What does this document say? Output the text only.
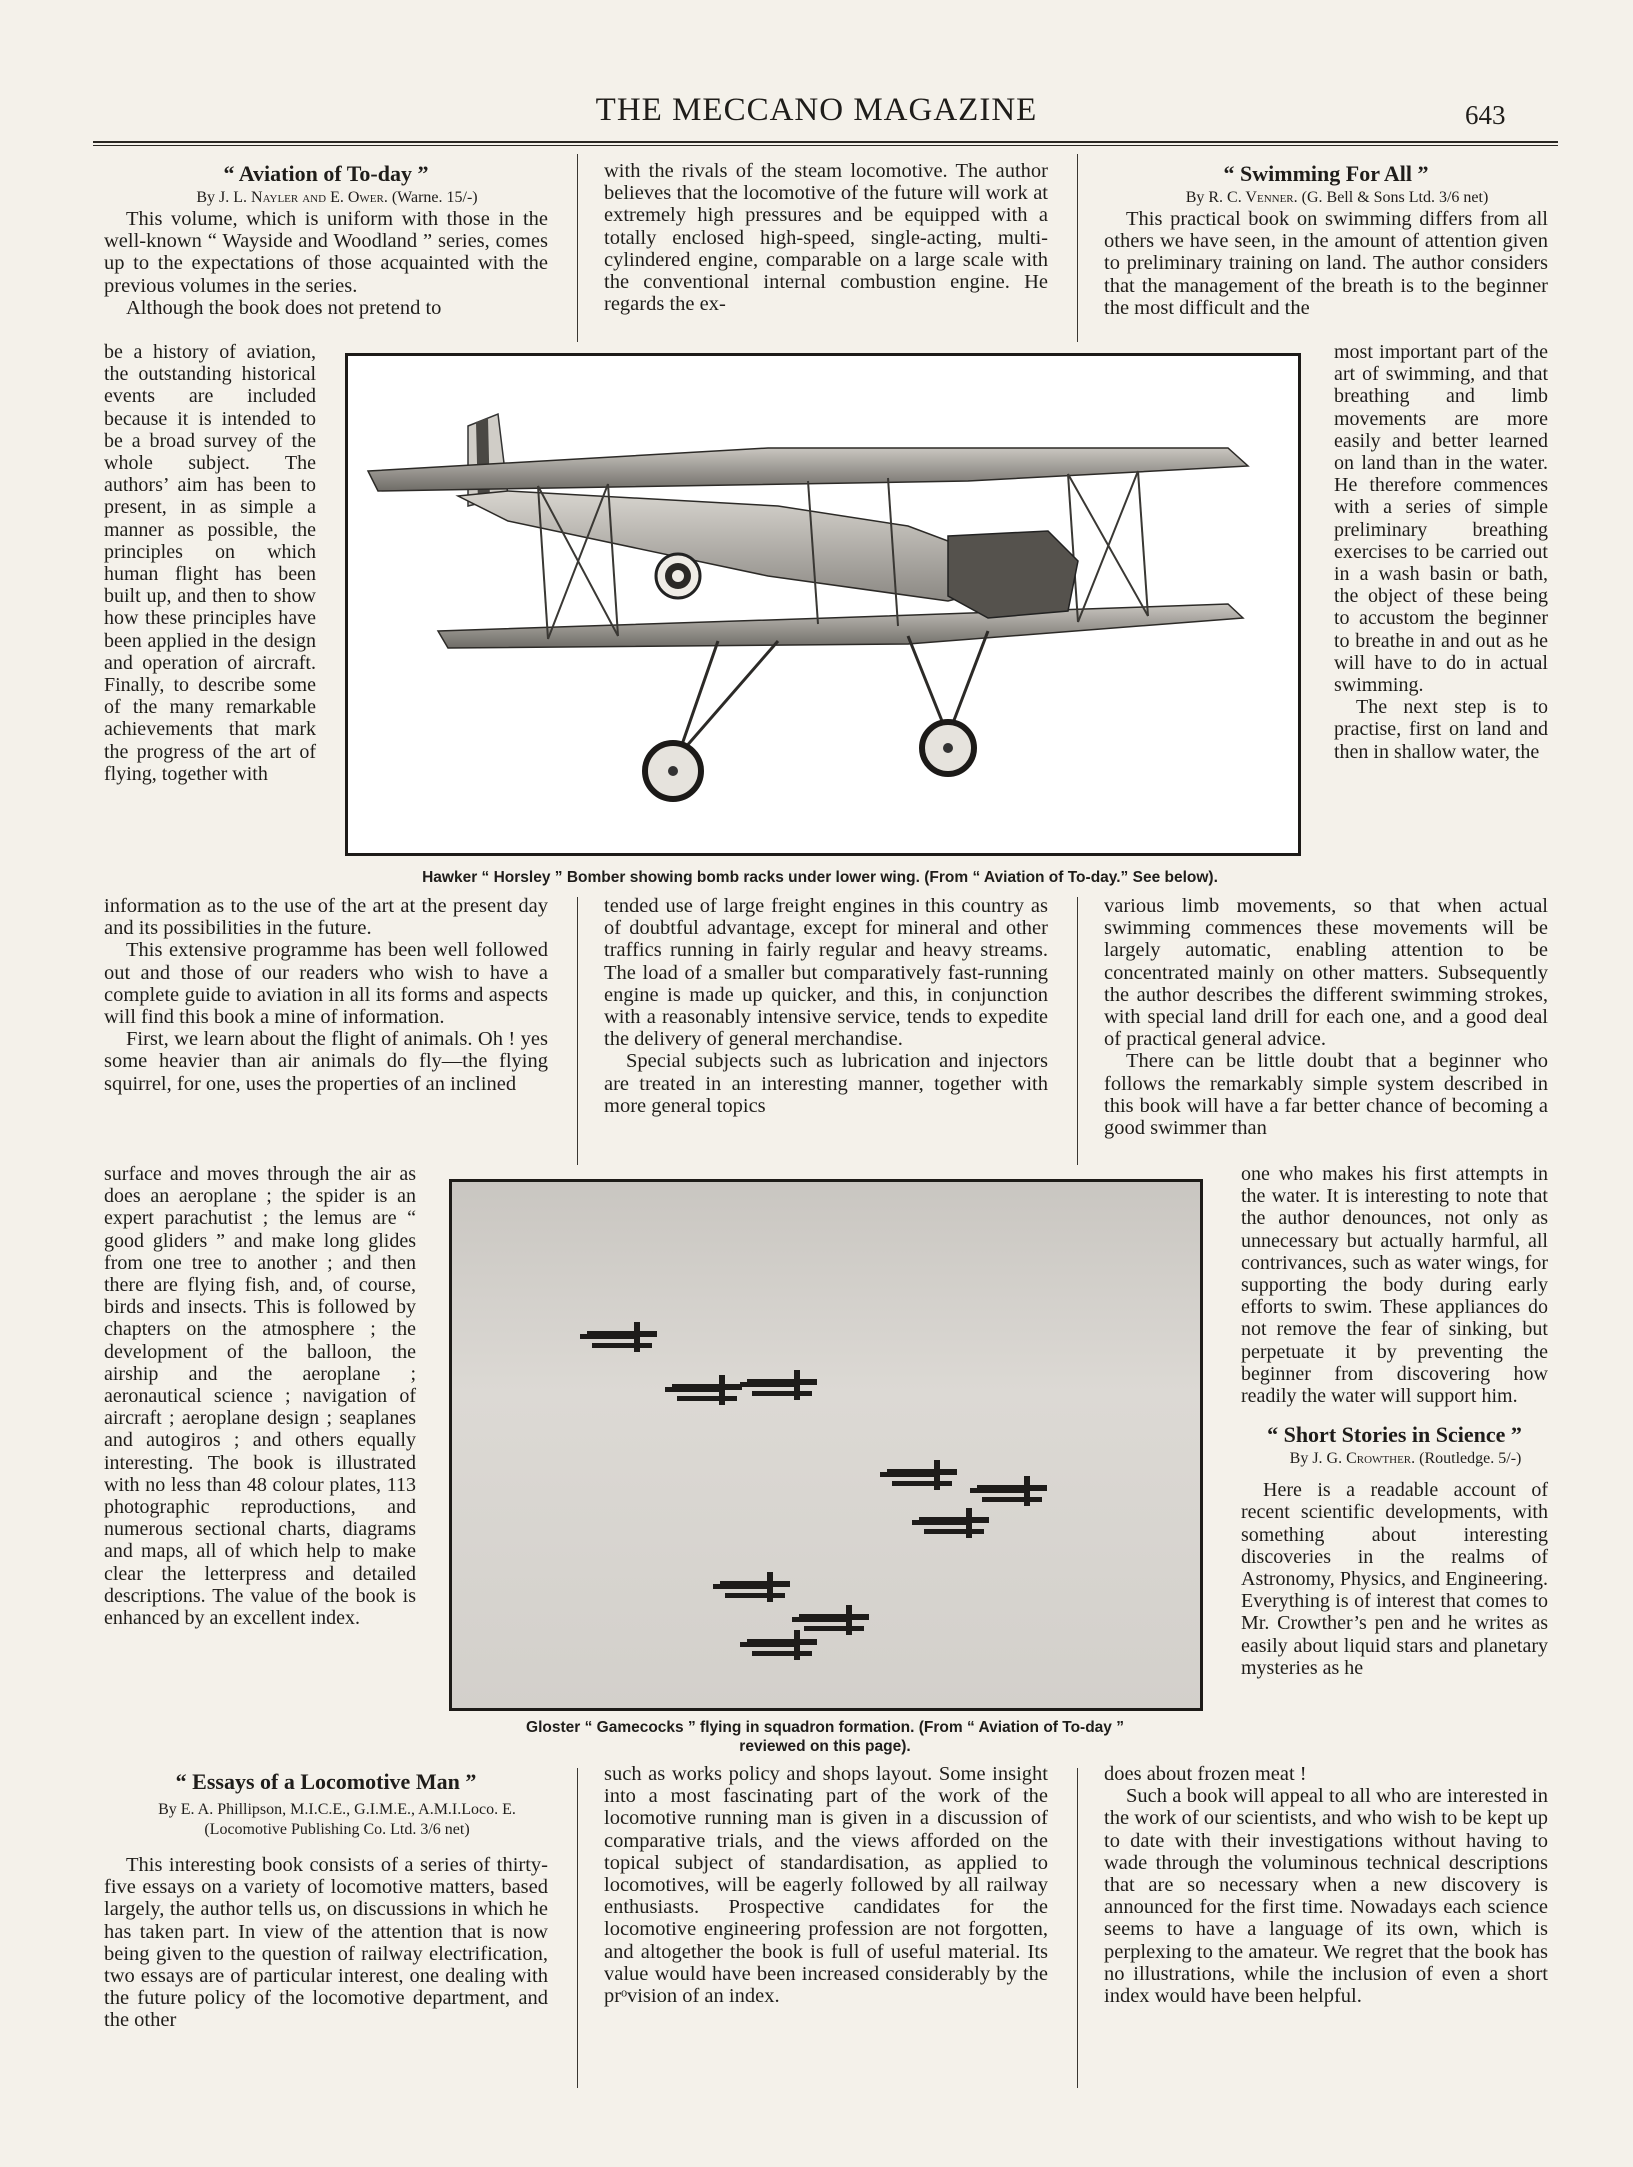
THE MECCANO MAGAZINE	643
“ Aviation of To-day ”

By J. L. Nayler and E. Ower. (Warne. 15/-)

This volume, which is uniform with those in the well-known “ Wayside and Woodland ” series, comes up to the expectations of those acquainted with the previous volumes in the series.

Although the book does not pretend to

be a history of aviation, the outstanding historical events are included because it is intended to be a broad survey of the whole subject. The authors’ aim has been to present, in as simple a manner as possible, the principles on which human flight has been built up, and then to show how these principles have been applied in the design and operation of aircraft. Finally, to describe some of the many remarkable achievements that mark the progress of the art of flying, together with

information as to the use of the art at the present day and its possibilities in the future.

This extensive programme has been well followed out and those of our readers who wish to have a complete guide to aviation in all its forms and aspects will find this book a mine of information.

First, we learn about the flight of animals. Oh ! yes some heavier than air animals do fly—the flying squirrel, for one, uses the properties of an inclined

surface and moves through the air as does an aeroplane ; the spider is an expert parachutist ; the lemus are “ good gliders ” and make long glides from one tree to another ; and then there are flying fish, and, of course, birds and insects. This is followed by chapters on the atmosphere ; the development of the balloon, the airship and the aeroplane ; aeronautical science ; navigation of aircraft ; aeroplane design ; seaplanes and autogiros ; and others equally interesting. The book is illustrated with no less than 48 colour plates, 113 photographic reproductions, and numerous sectional charts, diagrams and maps, all of which help to make clear the letterpress and detailed descriptions. The value of the book is enhanced by an excellent index.

“ Essays of a Locomotive Man ”

By E. A. Phillipson, M.I.C.E., G.I.M.E., A.M.I.Loco. E.

(Locomotive Publishing Co. Ltd. 3/6 net)

This interesting book consists of a series of thirty-five essays on a variety of locomotive matters, based largely, the author tells us, on discussions in which he has taken part. In view of the attention that is now being given to the question of railway electrification, two essays are of particular interest, one dealing with the future policy of the locomotive department, and the other

with the rivals of the steam locomotive. The author believes that the locomotive of the future will work at extremely high pressures and be equipped with a totally enclosed high-speed, single-acting, multi-cylindered engine, comparable on a large scale with the conventional internal combustion engine. He regards the ex-

tended use of large freight engines in this country as of doubtful advantage, except for mineral and other traffics running in fairly regular and heavy streams. The load of a smaller but comparatively fast-running engine is made up quicker, and this, in conjunction with a reasonably intensive service, tends to expedite the delivery of general merchandise.

Special subjects such as lubrication and injectors are treated in an interesting manner, together with more general topics

such as works policy and shops layout. Some insight into a most fascinating part of the work of the locomotive running man is given in a discussion of comparative trials, and the views afforded on the topical subject of standardisation, as applied to locomotives, will be eagerly followed by all railway enthusiasts. Prospective candidates for the locomotive engineering profession are not forgotten, and altogether the book is full of useful material. Its value would have been increased considerably by the prᵒvision of an index.

“ Swimming For All ”

By R. C. Venner. (G. Bell & Sons Ltd. 3/6 net)

This practical book on swimming differs from all others we have seen, in the amount of attention given to preliminary training on land. The author considers that the management of the breath is to the beginner the most difficult and the

most important part of the art of swimming, and that breathing and limb movements are more easily and better learned on land than in the water. He therefore commences with a series of simple preliminary breathing exercises to be carried out in a wash basin or bath, the object of these being to accustom the beginner to breathe in and out as he will have to do in actual swimming.

The next step is to practise, first on land and then in shallow water, the

various limb movements, so that when actual swimming commences these movements will be largely automatic, enabling attention to be concentrated mainly on other matters. Subsequently the author describes the different swimming strokes, with special land drill for each one, and a good deal of practical general advice.

There can be little doubt that a beginner who follows the remarkably simple system described in this book will have a far better chance of becoming a good swimmer than

one who makes his first attempts in the water. It is interesting to note that the author denounces, not only as unnecessary but actually harmful, all contrivances, such as water wings, for supporting the body during early efforts to swim. These appliances do not remove the fear of sinking, but perpetuate it by preventing the beginner from discovering how readily the water will support him.

“ Short Stories in Science ”

By J. G. Crowther. (Routledge. 5/-)

Here is a readable account of recent scientific developments, with something about interesting discoveries in the realms of Astronomy, Physics, and Engineering. Everything is of interest that comes to Mr. Crowther’s pen and he writes as easily about liquid stars and planetary mysteries as he

does about frozen meat !

Such a book will appeal to all who are interested in the work of our scientists, and who wish to be kept up to date with their investigations without having to wade through the voluminous technical descriptions that are so necessary when a new discovery is announced for the first time. Nowadays each science seems to have a language of its own, which is perplexing to the amateur. We regret that the book has no illustrations, while the inclusion of even a short index would have been helpful.

Hawker “ Horsley ” Bomber showing bomb racks under lower wing. (From “ Aviation of To-day.” See below).
Gloster “ Gamecocks ” flying in squadron formation. (From “ Aviation of To-day ”
reviewed on this page).
